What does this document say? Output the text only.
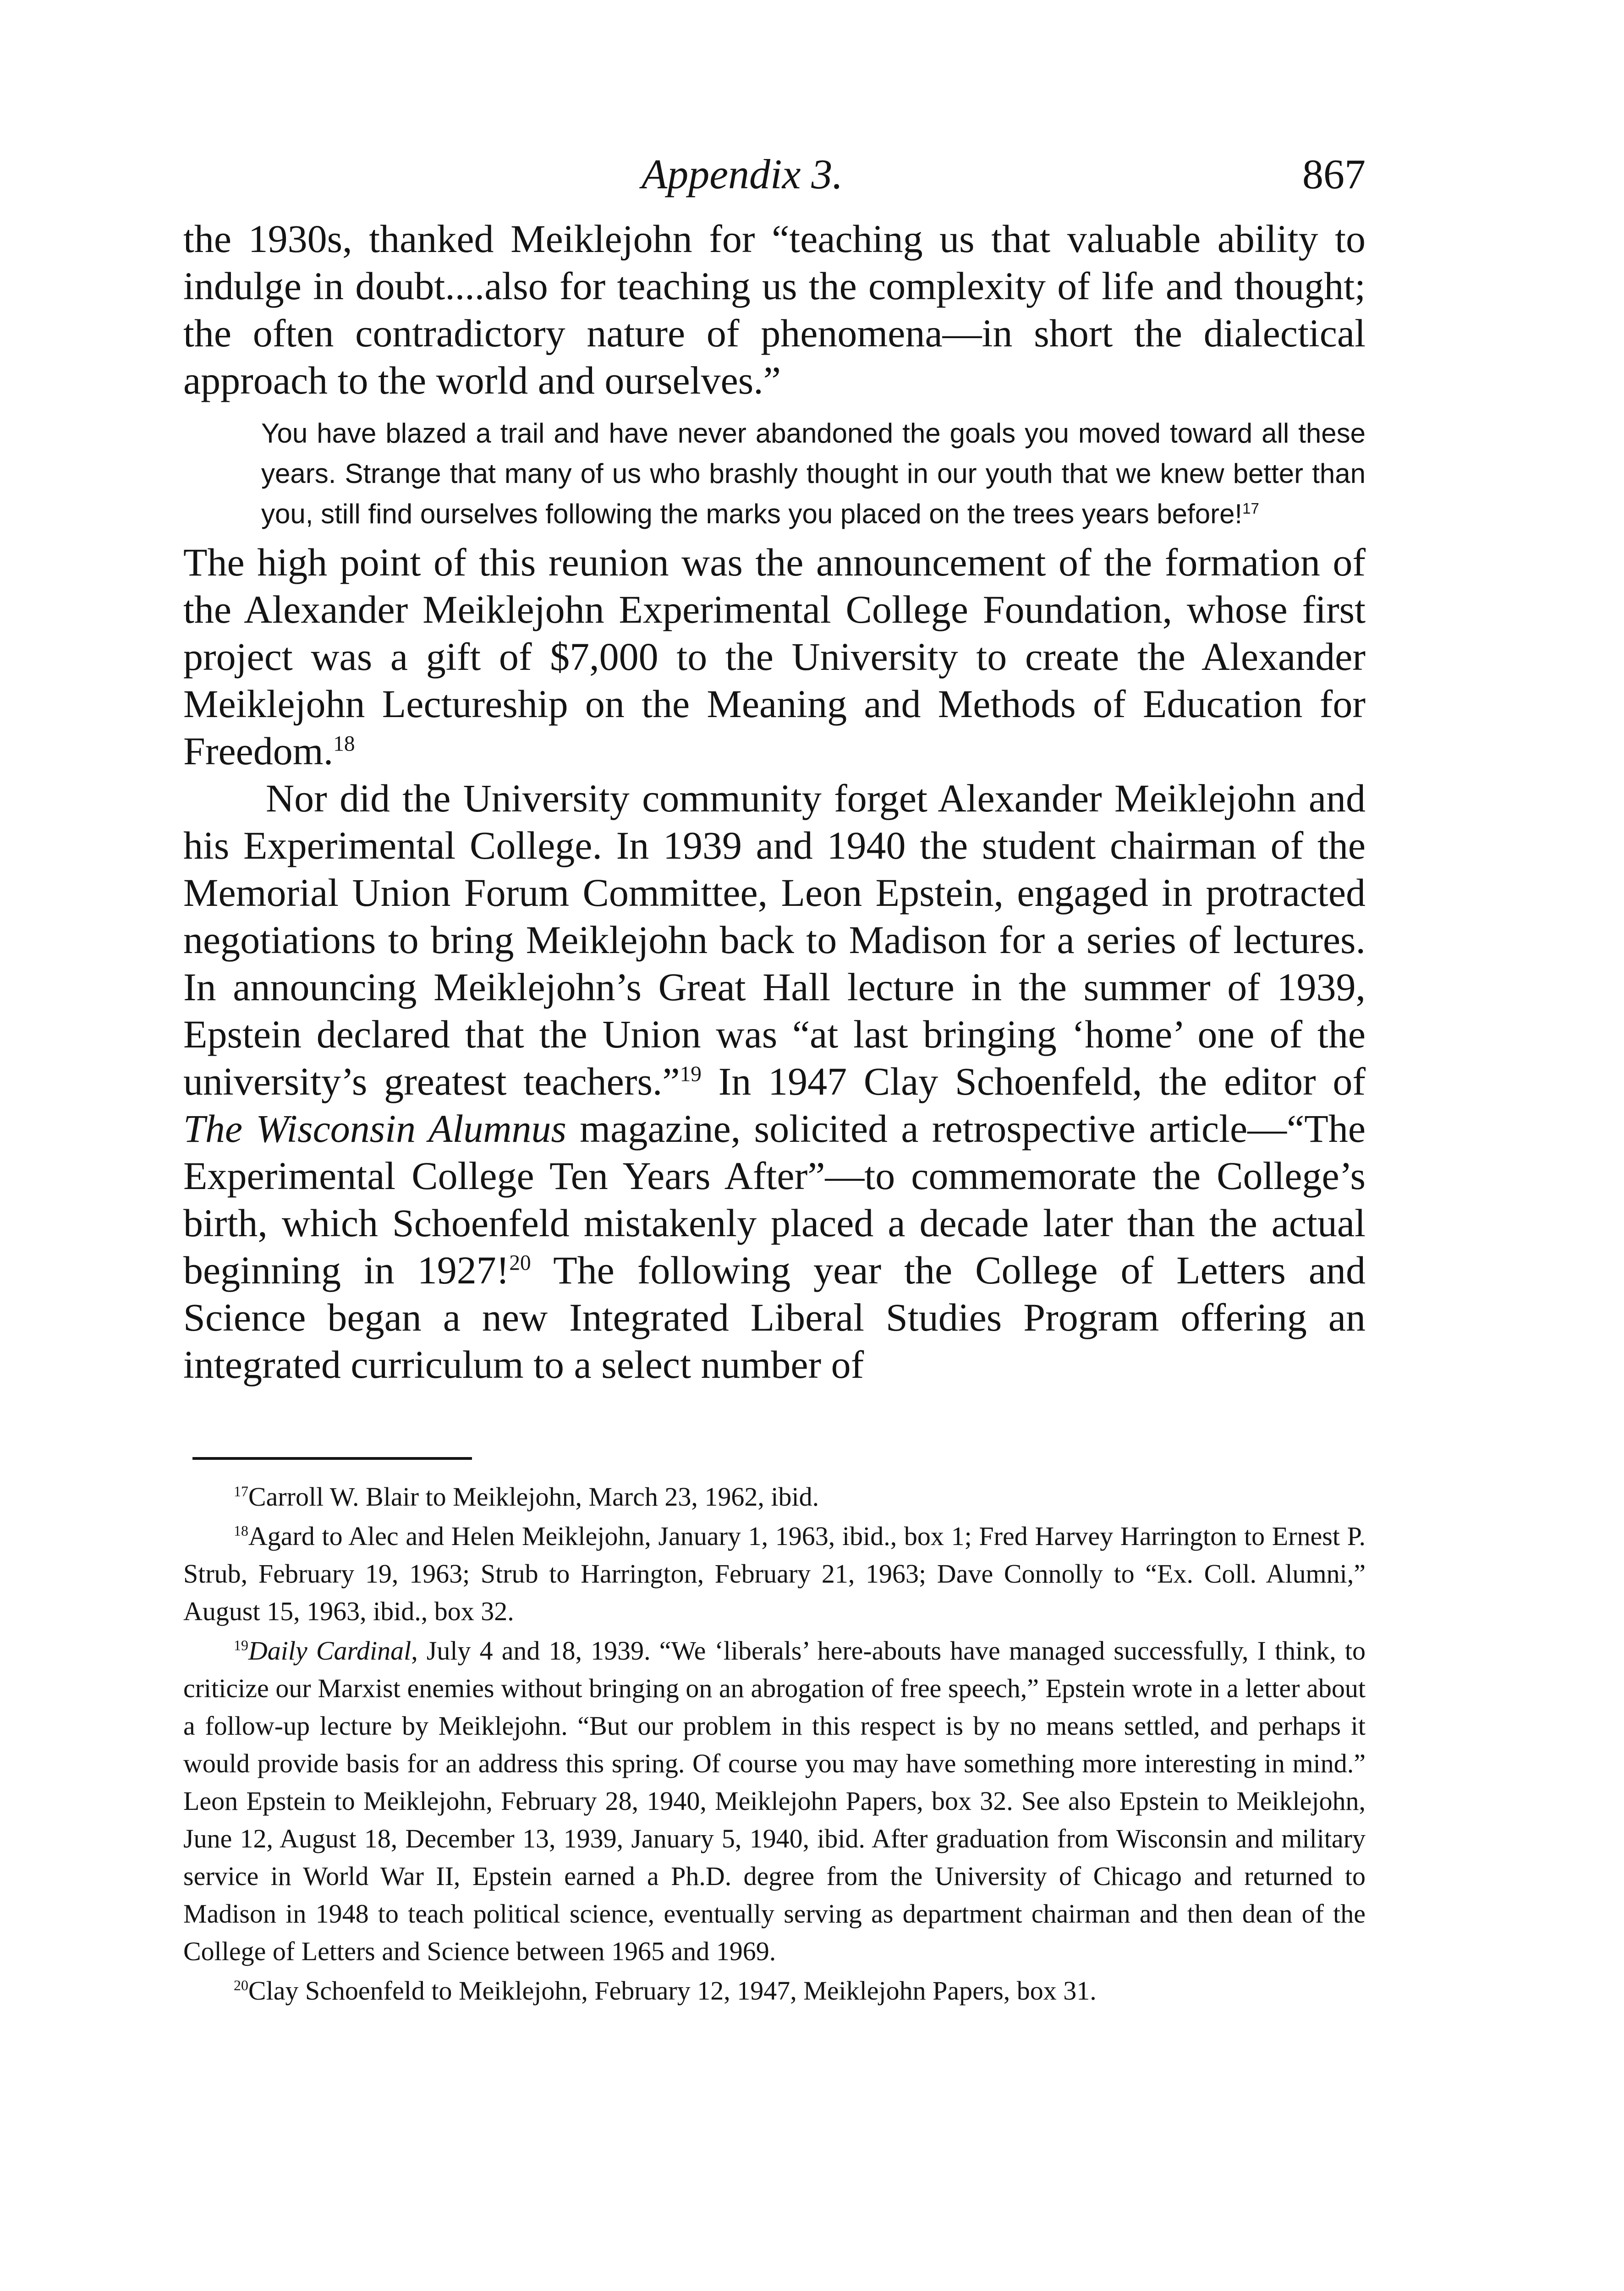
Appendix 3.	867

the 1930s, thanked Meiklejohn for “teaching us that valuable ability to indulge in doubt....also for teaching us the complexity of life and thought; the often contradictory nature of phenomena—in short the dialectical approach to the world and ourselves.”

You have blazed a trail and have never abandoned the goals you moved toward all these years. Strange that many of us who brashly thought in our youth that we knew better than you, still find ourselves following the marks you placed on the trees years before!$^{17}$

The high point of this reunion was the announcement of the formation of the Alexander Meiklejohn Experimental College Foundation, whose first project was a gift of $7,000 to the University to create the Alexander Meiklejohn Lectureship on the Meaning and Methods of Education for Freedom.$^{18}$

Nor did the University community forget Alexander Meiklejohn and his Experimental College. In 1939 and 1940 the student chairman of the Memorial Union Forum Committee, Leon Epstein, engaged in protracted negotiations to bring Meiklejohn back to Madison for a series of lectures. In announcing Meiklejohn’s Great Hall lecture in the summer of 1939, Epstein declared that the Union was “at last bringing ‘home’ one of the university’s greatest teachers.”$^{19}$ In 1947 Clay Schoenfeld, the editor of The Wisconsin Alumnus magazine, solicited a retrospective article—“The Experimental College Ten Years After”—to commemorate the College’s birth, which Schoenfeld mistakenly placed a decade later than the actual beginning in 1927!$^{20}$ The following year the College of Letters and Science began a new Integrated Liberal Studies Program offering an integrated curriculum to a select number of

$^{17}$Carroll W. Blair to Meiklejohn, March 23, 1962, ibid.

$^{18}$Agard to Alec and Helen Meiklejohn, January 1, 1963, ibid., box 1; Fred Harvey Harrington to Ernest P. Strub, February 19, 1963; Strub to Harrington, February 21, 1963; Dave Connolly to “Ex. Coll. Alumni,” August 15, 1963, ibid., box 32.

$^{19}$Daily Cardinal, July 4 and 18, 1939. “We ‘liberals’ here-abouts have managed successfully, I think, to criticize our Marxist enemies without bringing on an abrogation of free speech,” Epstein wrote in a letter about a follow-up lecture by Meiklejohn. “But our problem in this respect is by no means settled, and perhaps it would provide basis for an address this spring. Of course you may have something more interesting in mind.” Leon Epstein to Meiklejohn, February 28, 1940, Meiklejohn Papers, box 32. See also Epstein to Meiklejohn, June 12, August 18, December 13, 1939, January 5, 1940, ibid. After graduation from Wisconsin and military service in World War II, Epstein earned a Ph.D. degree from the University of Chicago and returned to Madison in 1948 to teach political science, eventually serving as department chairman and then dean of the College of Letters and Science between 1965 and 1969.

$^{20}$Clay Schoenfeld to Meiklejohn, February 12, 1947, Meiklejohn Papers, box 31.
